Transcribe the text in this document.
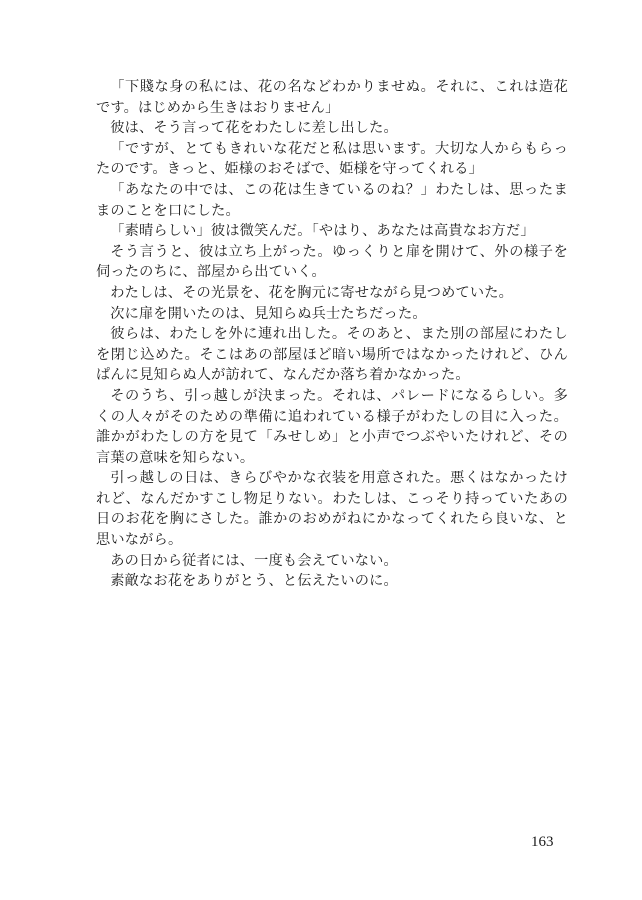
「下賤な身の私には、花の名などわかりませぬ。それに、これは造花です。はじめから生きはおりません」

彼は、そう言って花をわたしに差し出した。

「ですが、とてもきれいな花だと私は思います。大切な人からもらったのです。きっと、姫様のおそばで、姫様を守ってくれる」

「あなたの中では、この花は生きているのね？」わたしは、思ったままのことを口にした。

「素晴らしい」彼は微笑んだ。「やはり、あなたは高貴なお方だ」

そう言うと、彼は立ち上がった。ゆっくりと扉を開けて、外の様子を伺ったのちに、部屋から出ていく。

わたしは、その光景を、花を胸元に寄せながら見つめていた。

次に扉を開いたのは、見知らぬ兵士たちだった。

彼らは、わたしを外に連れ出した。そのあと、また別の部屋にわたしを閉じ込めた。そこはあの部屋ほど暗い場所ではなかったけれど、ひんぱんに見知らぬ人が訪れて、なんだか落ち着かなかった。

そのうち、引っ越しが決まった。それは、パレードになるらしい。多くの人々がそのための準備に追われている様子がわたしの目に入った。誰かがわたしの方を見て「みせしめ」と小声でつぶやいたけれど、その言葉の意味を知らない。

引っ越しの日は、きらびやかな衣装を用意された。悪くはなかったけれど、なんだかすこし物足りない。わたしは、こっそり持っていたあの日のお花を胸にさした。誰かのおめがねにかなってくれたら良いな、と思いながら。

あの日から従者には、一度も会えていない。

素敵なお花をありがとう、と伝えたいのに。

163
